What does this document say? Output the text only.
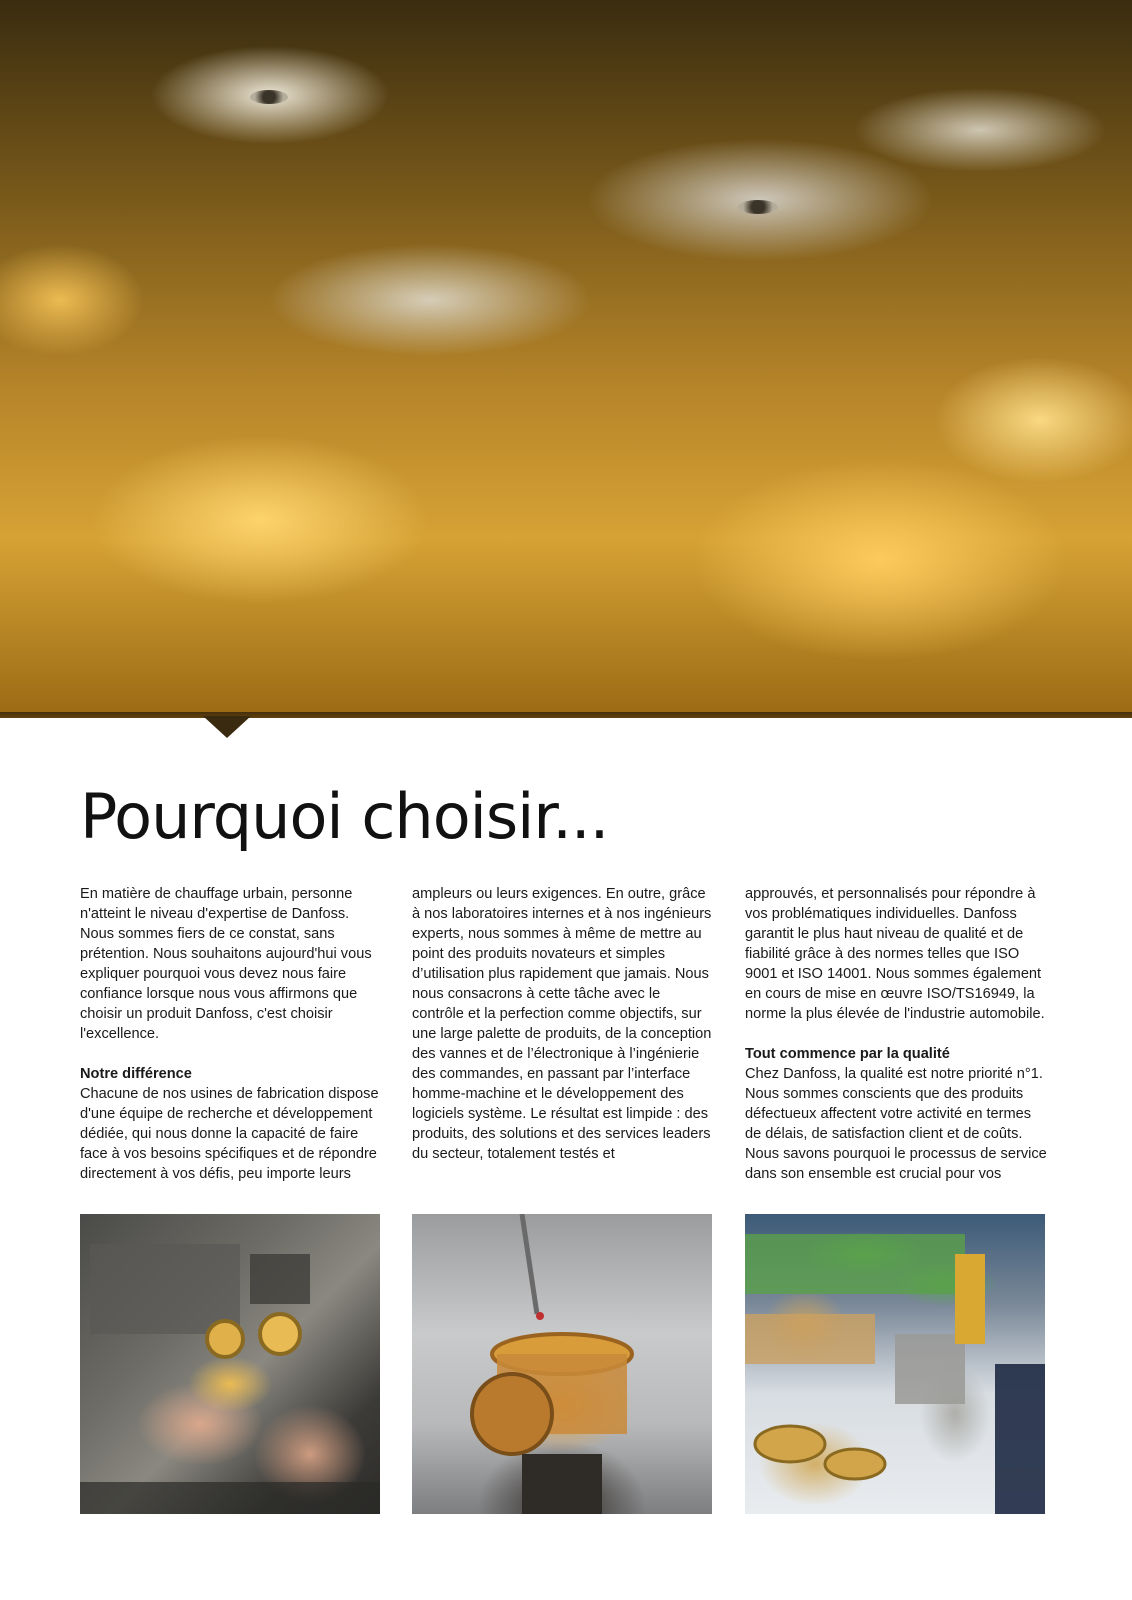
Pourquoi choisir...

En matière de chauffage urbain, personne n'atteint le niveau d'expertise de Danfoss. Nous sommes fiers de ce constat, sans prétention. Nous souhaitons aujourd'hui vous expliquer pourquoi vous devez nous faire confiance lorsque nous vous affirmons que choisir un produit Danfoss, c'est choisir l'excellence.

Notre différence

Chacune de nos usines de fabrication dispose d'une équipe de recherche et développement dédiée, qui nous donne la capacité de faire face à vos besoins spécifiques et de répondre directement à vos défis, peu importe leurs

ampleurs ou leurs exigences. En outre, grâce à nos laboratoires internes et à nos ingénieurs experts, nous sommes à même de mettre au point des produits novateurs et simples d’utilisation plus rapidement que jamais. Nous nous consacrons à cette tâche avec le contrôle et la perfection comme objectifs, sur une large palette de produits, de la conception des vannes et de l’électronique à l’ingénierie des commandes, en passant par l’interface homme-machine et le développement des logiciels système. Le résultat est limpide : des produits, des solutions et des services leaders du secteur, totalement testés et

approuvés, et personnalisés pour répondre à vos problématiques individuelles. Danfoss garantit le plus haut niveau de qualité et de fiabilité grâce à des normes telles que ISO 9001 et ISO 14001. Nous sommes également en cours de mise en œuvre ISO/TS16949, la norme la plus élevée de l'industrie automobile.

Tout commence par la qualité

Chez Danfoss, la qualité est notre priorité n°1. Nous sommes conscients que des produits défectueux affectent votre activité en termes de délais, de satisfaction client et de coûts. Nous savons pourquoi le processus de service dans son ensemble est crucial pour vos
